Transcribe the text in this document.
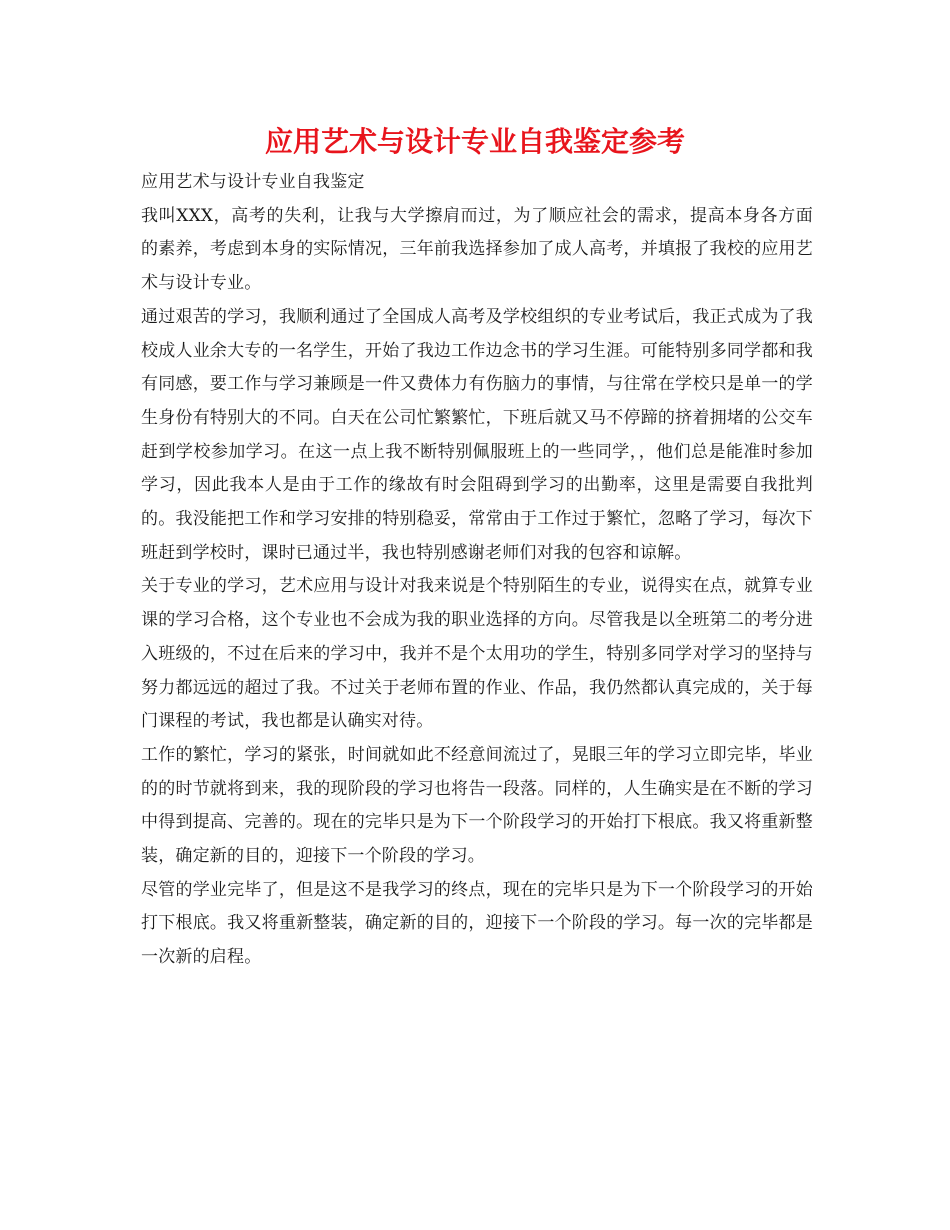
应用艺术与设计专业自我鉴定参考

应用艺术与设计专业自我鉴定

我叫XXX，高考的失利，让我与大学擦肩而过，为了顺应社会的需求，提高本身各方面的素养，考虑到本身的实际情况，三年前我选择参加了成人高考，并填报了我校的应用艺术与设计专业。

通过艰苦的学习，我顺利通过了全国成人高考及学校组织的专业考试后，我正式成为了我校成人业余大专的一名学生，开始了我边工作边念书的学习生涯。可能特别多同学都和我有同感，要工作与学习兼顾是一件又费体力有伤脑力的事情，与往常在学校只是单一的学生身份有特别大的不同。白天在公司忙繁繁忙，下班后就又马不停蹄的挤着拥堵的公交车赶到学校参加学习。在这一点上我不断特别佩服班上的一些同学，，他们总是能准时参加学习，因此我本人是由于工作的缘故有时会阻碍到学习的出勤率，这里是需要自我批判的。我没能把工作和学习安排的特别稳妥，常常由于工作过于繁忙，忽略了学习，每次下班赶到学校时，课时已通过半，我也特别感谢老师们对我的包容和谅解。

关于专业的学习，艺术应用与设计对我来说是个特别陌生的专业，说得实在点，就算专业课的学习合格，这个专业也不会成为我的职业选择的方向。尽管我是以全班第二的考分进入班级的，不过在后来的学习中，我并不是个太用功的学生，特别多同学对学习的坚持与努力都远远的超过了我。不过关于老师布置的作业、作品，我仍然都认真完成的，关于每门课程的考试，我也都是认确实对待。

工作的繁忙，学习的紧张，时间就如此不经意间流过了，晃眼三年的学习立即完毕，毕业的的时节就将到来，我的现阶段的学习也将告一段落。同样的，人生确实是在不断的学习中得到提高、完善的。现在的完毕只是为下一个阶段学习的开始打下根底。我又将重新整装，确定新的目的，迎接下一个阶段的学习。

尽管的学业完毕了，但是这不是我学习的终点，现在的完毕只是为下一个阶段学习的开始打下根底。我又将重新整装，确定新的目的，迎接下一个阶段的学习。每一次的完毕都是一次新的启程。
